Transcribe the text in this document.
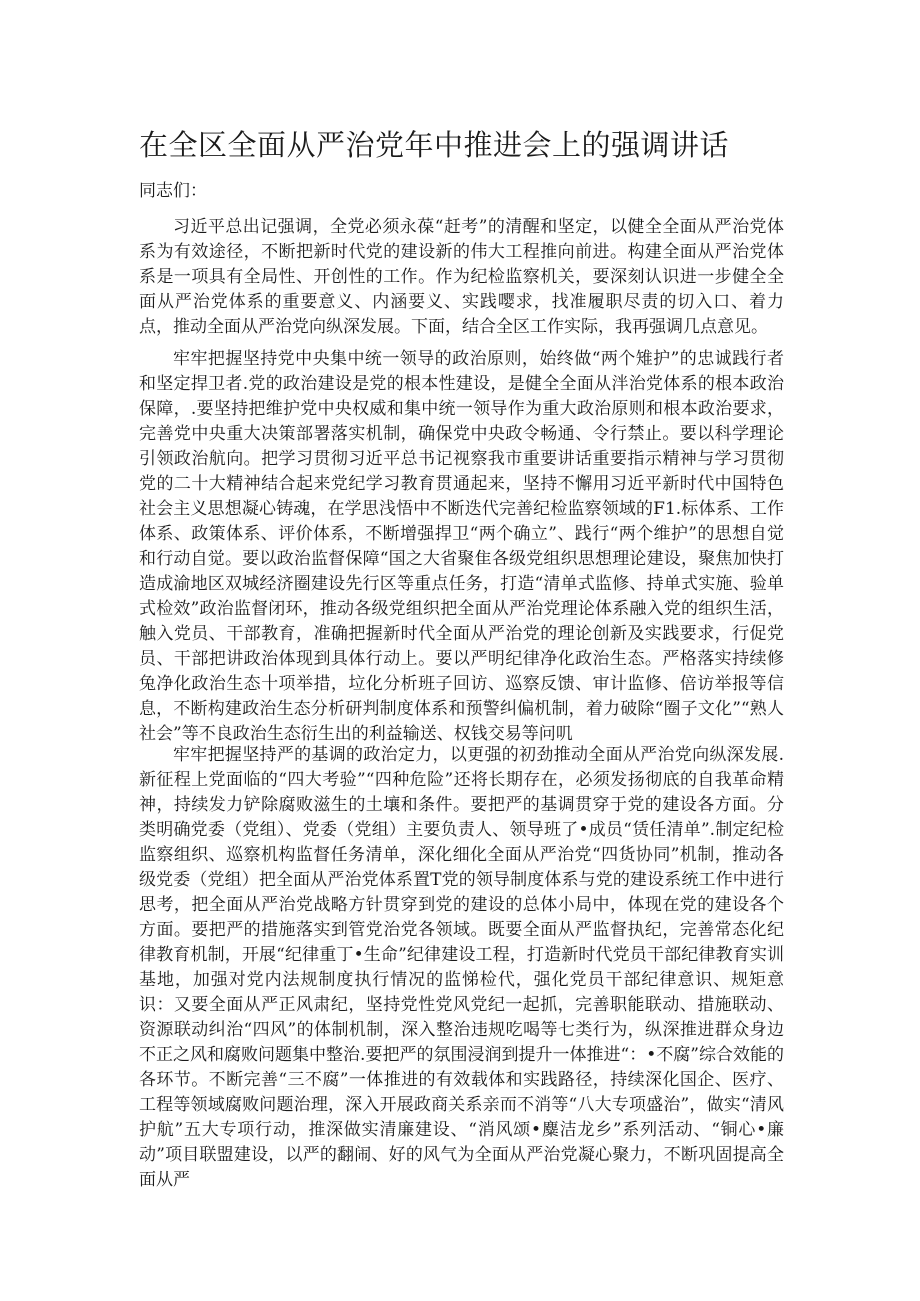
在全区全面从严治党年中推进会上的强调讲话

同志们：

习近平总出记强调，全党必须永葆“赶考”的清醒和坚定，以健全全面从严治党体系为有效途径，不断把新时代党的建设新的伟大工程推向前进。构建全面从严治党体系是一项具有全局性、开创性的工作。作为纪检监察机关，要深刻认识进一步健全全面从严治党体系的重要意义、内涵要义、实践嘤求，找准履职尽责的切入口、着力点，推动全面从严治党向纵深发展。下面，结合全区工作实际，我再强调几点意见。

牢牢把握坚持党中央集中统一领导的政治原则，始终做“两个雉护”的忠诚践行者和坚定捍卫者.党的政治建设是党的根本性建设，是健全全面从泮治党体系的根本政治保障，.要坚持把维护党中央权威和集中统一领导作为重大政治原则和根本政治要求，完善党中央重大决策部署落实机制，确保党中央政令畅通、令行禁止。要以科学理论引领政治航向。把学习贯彻习近平总书记视察我市重要讲话重要指示精神与学习贯彻党的二十大精神结合起来党纪学习教育贯通起来，坚持不懈用习近平新时代中国特色社会主义思想凝心铸魂，在学思浅悟中不断迭代完善纪检监察领域的F1.标体系、工作体系、政策体系、评价体系，不断增强捍卫“两个确立”、践行“两个维护”的思想自觉和行动自觉。要以政治监督保障“国之大省聚隹各级党组织思想理论建设，聚焦加快打造成渝地区双城经济圈建设先行区等重点任务，打造“清单式监修、持单式实施、验单式检效”政治监督闭环，推动各级党组织把全面从严治党理论体系融入党的组织生活，触入党员、干部教育，准确把握新时代全面从严治党的理论创新及实践要求，行促党员、干部把讲政治体现到具体行动上。要以严明纪律净化政治生态。严格落实持续修兔净化政治生态十项举措，垃化分析班子回访、巡察反馈、审计监修、倍访举报等信息，不断构建政治生态分析研判制度体系和预警纠偏机制，着力破除“圈子文化”“熟人社会”等不良政治生态衍生出的利益输送、权钱交易等问叽

牢牢把握坚持严的基调的政治定力，以更强的初劲推动全面从严治党向纵深发展.新征程上党面临的“四大考验”“四种危险”还将长期存在，必须发扬彻底的自我革命精神，持续发力铲除腐败滋生的土壤和条件。要把严的基调贯穿于党的建设各方面。分类明确党委（党组）、党委（党组）主要负责人、领导班了•成员“赁任清单”.制定纪检监察组织、巡察机构监督任务清单，深化细化全面从严治党“四货协同”机制，推动各级党委（党组）把全面从严治党体系置T党的领导制度体系与党的建设系统工作中进行思考，把全面从严治党战略方针贯穿到党的建设的总体小局中，体现在党的建设各个方面。要把严的措施落实到管党治党各领域。既要全面从严监督执纪，完善常态化纪律教育机制，开展“纪律重丁•生命”纪律建设工程，打造新时代党员干部纪律教育实训基地，加强对党内法规制度执行情况的监悌检代，强化党员干部纪律意识、规矩意识：又要全面从严正风肃纪，坚持党性党风党纪一起抓，完善职能联动、措施联动、资源联动纠治“四风”的体制机制，深入整治违规吃喝等七类行为，纵深推进群众身边不正之风和腐败问题集中整治.要把严的氛围浸润到提升一体推进“：•不腐”综合效能的各环节。不断完善“三不腐”一体推进的有效载体和实践路径，持续深化国企、医疗、工程等领域腐败问题治理，深入开展政商关系亲而不消等“八大专项盛治”，做实“清风护航”五大专项行动，推深做实清廉建设、“消风颂•麋洁龙乡”系列活动、“铜心•廉动”项目联盟建设，以严的翻闹、好的风气为全面从严治党凝心聚力，不断巩固提高全面从严
